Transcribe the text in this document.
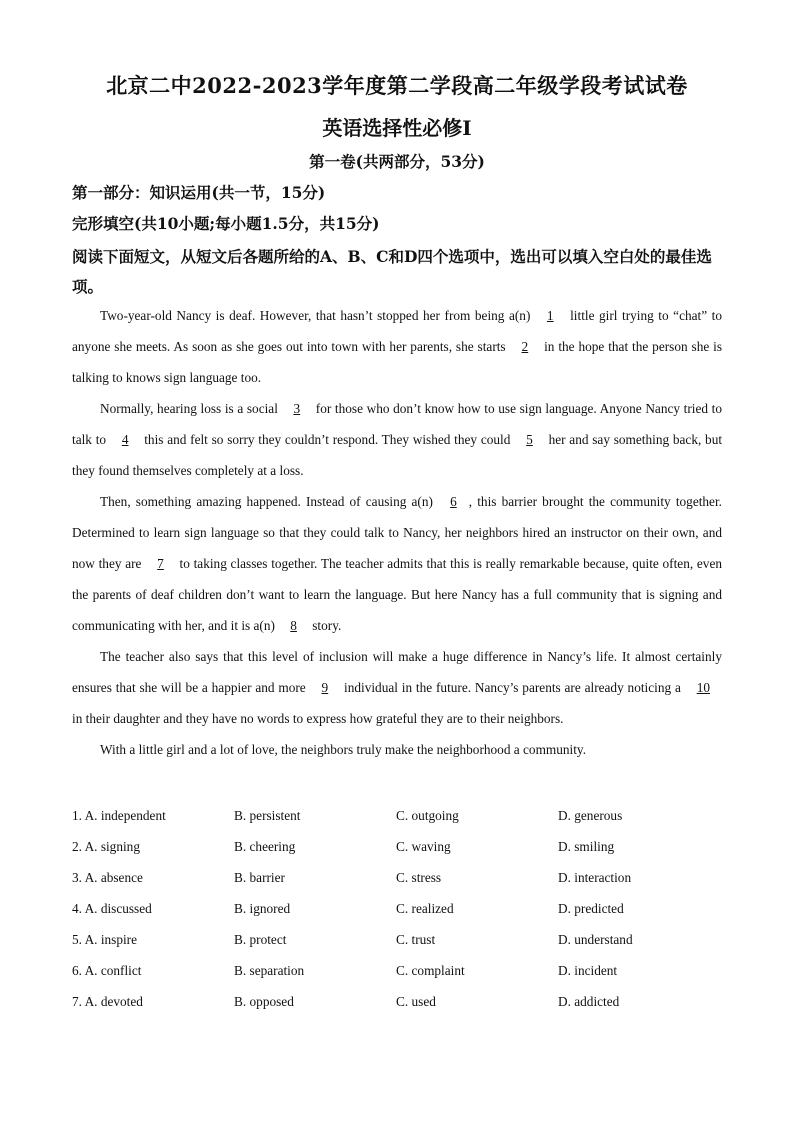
北京二中2022-2023学年度第二学段高二年级学段考试试卷
英语选择性必修Ⅰ
第一卷(共两部分，53分)
第一部分：知识运用(共一节，15分)
完形填空(共10小题;每小题1.5分，共15分)
阅读下面短文，从短文后各题所给的A、B、C和D四个选项中，选出可以填入空白处的最佳选项。

Two-year-old Nancy is deaf. However, that hasn’t stopped her from being a(n) 1 little girl trying to “chat” to anyone she meets. As soon as she goes out into town with her parents, she starts 2 in the hope that the person she is talking to knows sign language too.

Normally, hearing loss is a social 3 for those who don’t know how to use sign language. Anyone Nancy tried to talk to 4 this and felt so sorry they couldn’t respond. They wished they could 5 her and say something back, but they found themselves completely at a loss.

Then, something amazing happened. Instead of causing a(n) 6 , this barrier brought the community together. Determined to learn sign language so that they could talk to Nancy, her neighbors hired an instructor on their own, and now they are 7 to taking classes together. The teacher admits that this is really remarkable because, quite often, even the parents of deaf children don’t want to learn the language. But here Nancy has a full community that is signing and communicating with her, and it is a(n) 8 story.

The teacher also says that this level of inclusion will make a huge difference in Nancy’s life. It almost certainly ensures that she will be a happier and more 9 individual in the future. Nancy’s parents are already noticing a 10 in their daughter and they have no words to express how grateful they are to their neighbors.

With a little girl and a lot of love, the neighbors truly make the neighborhood a community.

1. A. independent	B. persistent	C. outgoing	D. generous
2. A. signing	B. cheering	C. waving	D. smiling
3. A. absence	B. barrier	C. stress	D. interaction
4. A. discussed	B. ignored	C. realized	D. predicted
5. A. inspire	B. protect	C. trust	D. understand
6. A. conflict	B. separation	C. complaint	D. incident
7. A. devoted	B. opposed	C. used	D. addicted
